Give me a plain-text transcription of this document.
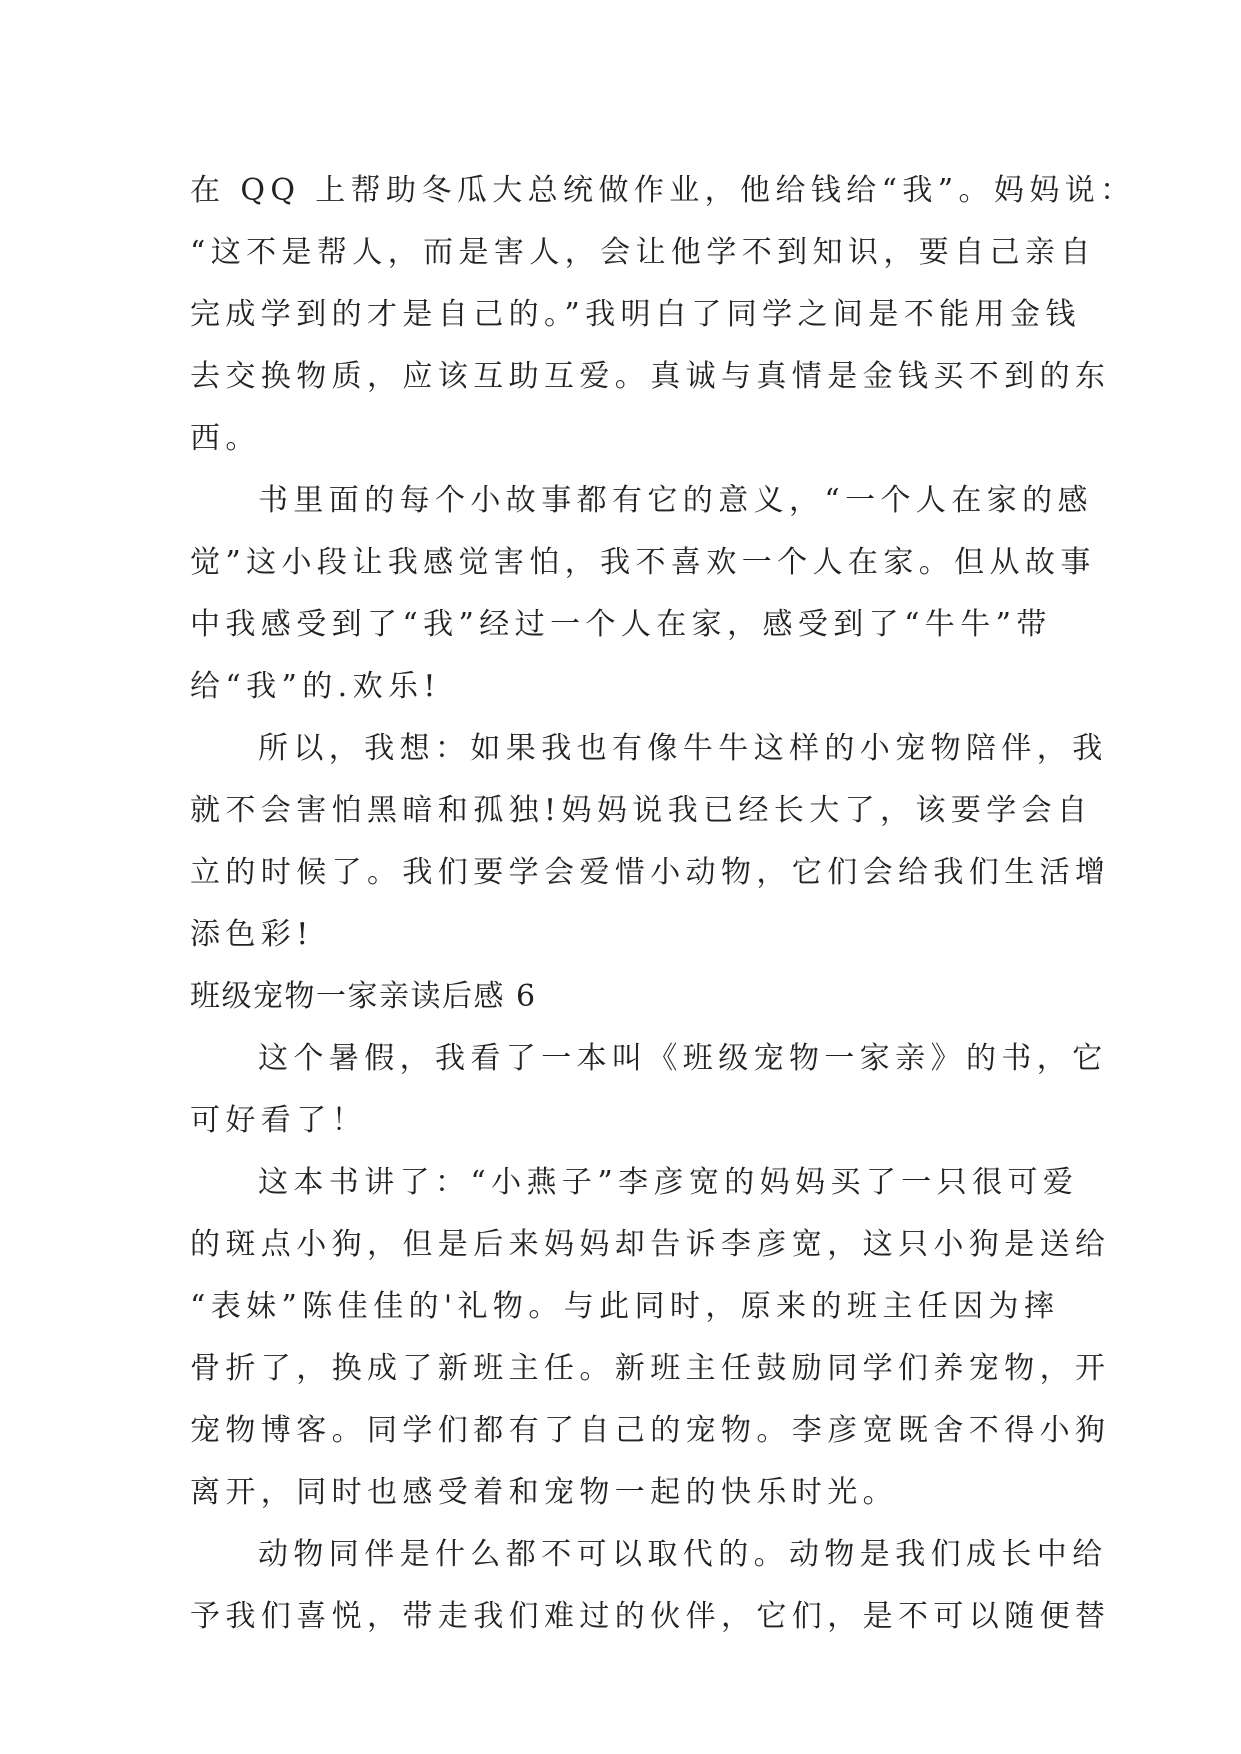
在 QQ 上帮助冬瓜大总统做作业，他给钱给“我”。妈妈说：
“这不是帮人，而是害人，会让他学不到知识，要自己亲自
完成学到的才是自己的。”我明白了同学之间是不能用金钱
去交换物质，应该互助互爱。真诚与真情是金钱买不到的东
西。
书里面的每个小故事都有它的意义，“一个人在家的感
觉”这小段让我感觉害怕，我不喜欢一个人在家。但从故事
中我感受到了“我”经过一个人在家，感受到了“牛牛”带
给“我”的.欢乐!
所以，我想：如果我也有像牛牛这样的小宠物陪伴，我
就不会害怕黑暗和孤独!妈妈说我已经长大了，该要学会自
立的时候了。我们要学会爱惜小动物，它们会给我们生活增
添色彩!
班级宠物一家亲读后感 6
这个暑假，我看了一本叫《班级宠物一家亲》的书，它
可好看了！
这本书讲了：“小燕子”李彦宽的妈妈买了一只很可爱
的斑点小狗，但是后来妈妈却告诉李彦宽，这只小狗是送给
“表妹”陈佳佳的'礼物。与此同时，原来的班主任因为摔
骨折了，换成了新班主任。新班主任鼓励同学们养宠物，开
宠物博客。同学们都有了自己的宠物。李彦宽既舍不得小狗
离开，同时也感受着和宠物一起的快乐时光。
动物同伴是什么都不可以取代的。动物是我们成长中给
予我们喜悦，带走我们难过的伙伴，它们，是不可以随便替
